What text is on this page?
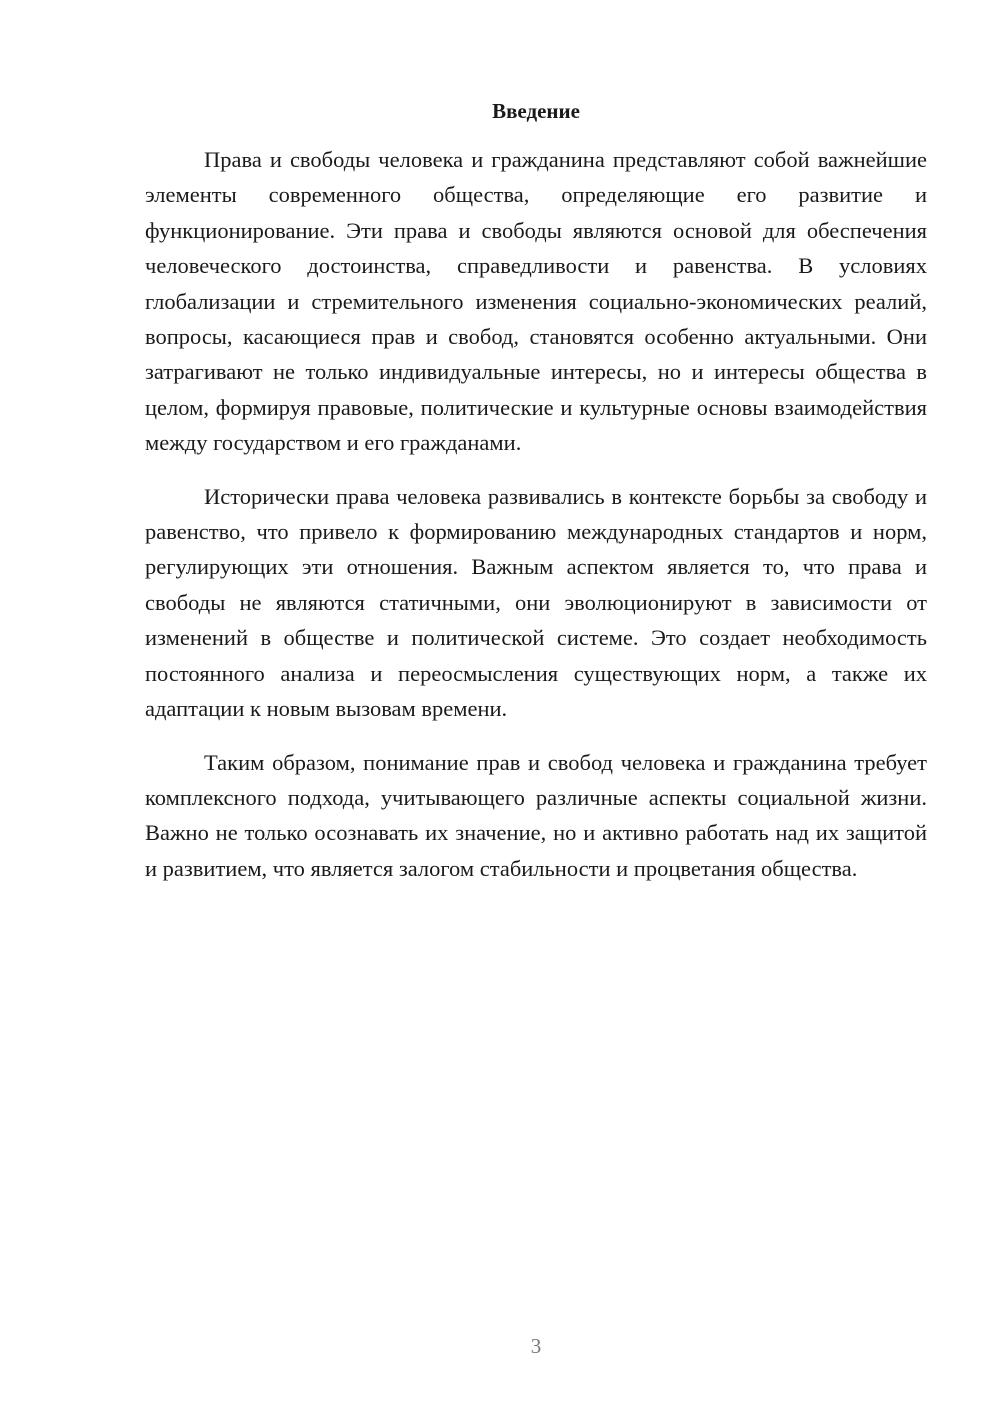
Введение

Права и свободы человека и гражданина представляют собой важнейшие элементы современного общества, определяющие его развитие и функционирование. Эти права и свободы являются основой для обеспечения человеческого достоинства, справедливости и равенства. В условиях глобализации и стремительного изменения социально-экономических реалий, вопросы, касающиеся прав и свобод, становятся особенно актуальными. Они затрагивают не только индивидуальные интересы, но и интересы общества в целом, формируя правовые, политические и культурные основы взаимодействия между государством и его гражданами.

Исторически права человека развивались в контексте борьбы за свободу и равенство, что привело к формированию международных стандартов и норм, регулирующих эти отношения. Важным аспектом является то, что права и свободы не являются статичными, они эволюционируют в зависимости от изменений в обществе и политической системе. Это создает необходимость постоянного анализа и переосмысления существующих норм, а также их адаптации к новым вызовам времени.

Таким образом, понимание прав и свобод человека и гражданина требует комплексного подхода, учитывающего различные аспекты социальной жизни. Важно не только осознавать их значение, но и активно работать над их защитой и развитием, что является залогом стабильности и процветания общества.

3
